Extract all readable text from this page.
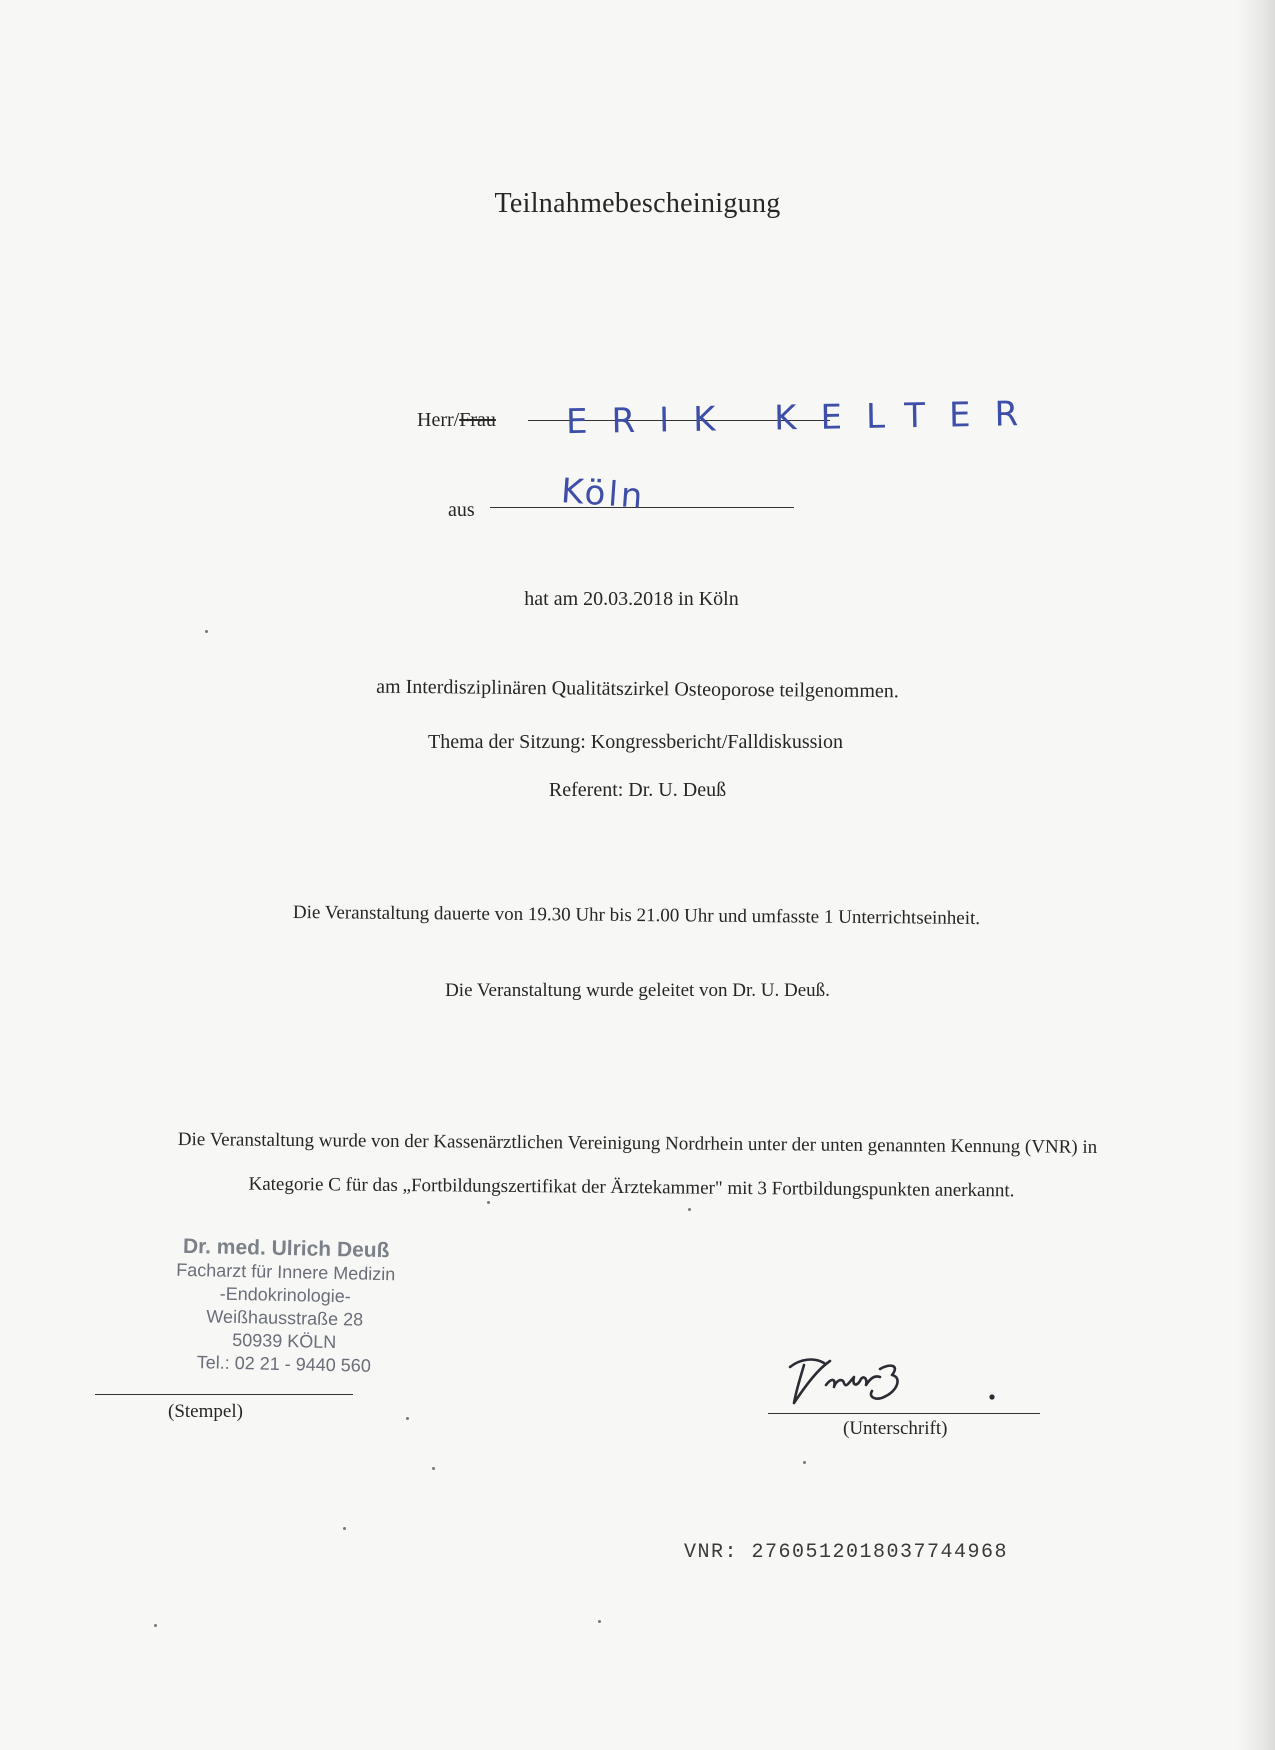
Teilnahmebescheinigung
Herr/Frau ERIK KELTER
aus	Köln
hat am 20.03.2018 in Köln
am Interdisziplinären Qualitätszirkel Osteoporose teilgenommen.
Thema der Sitzung: Kongressbericht/Falldiskussion
Referent: Dr. U. Deuß
Die Veranstaltung dauerte von 19.30 Uhr bis 21.00 Uhr und umfasste 1 Unterrichtseinheit.
Die Veranstaltung wurde geleitet von Dr. U. Deuß.
Die Veranstaltung wurde von der Kassenärztlichen Vereinigung Nordrhein unter der unten genannten Kennung (VNR) in
Kategorie C für das „Fortbildungszertifikat der Ärztekammer" mit 3 Fortbildungspunkten anerkannt.
Dr. med. Ulrich Deuß
Facharzt für Innere Medizin
-Endokrinologie-
Weißhausstraße 28
50939 KÖLN
Tel.: 02 21 - 9440 560
(Stempel)
(Unterschrift)
VNR: 2760512018037744968
